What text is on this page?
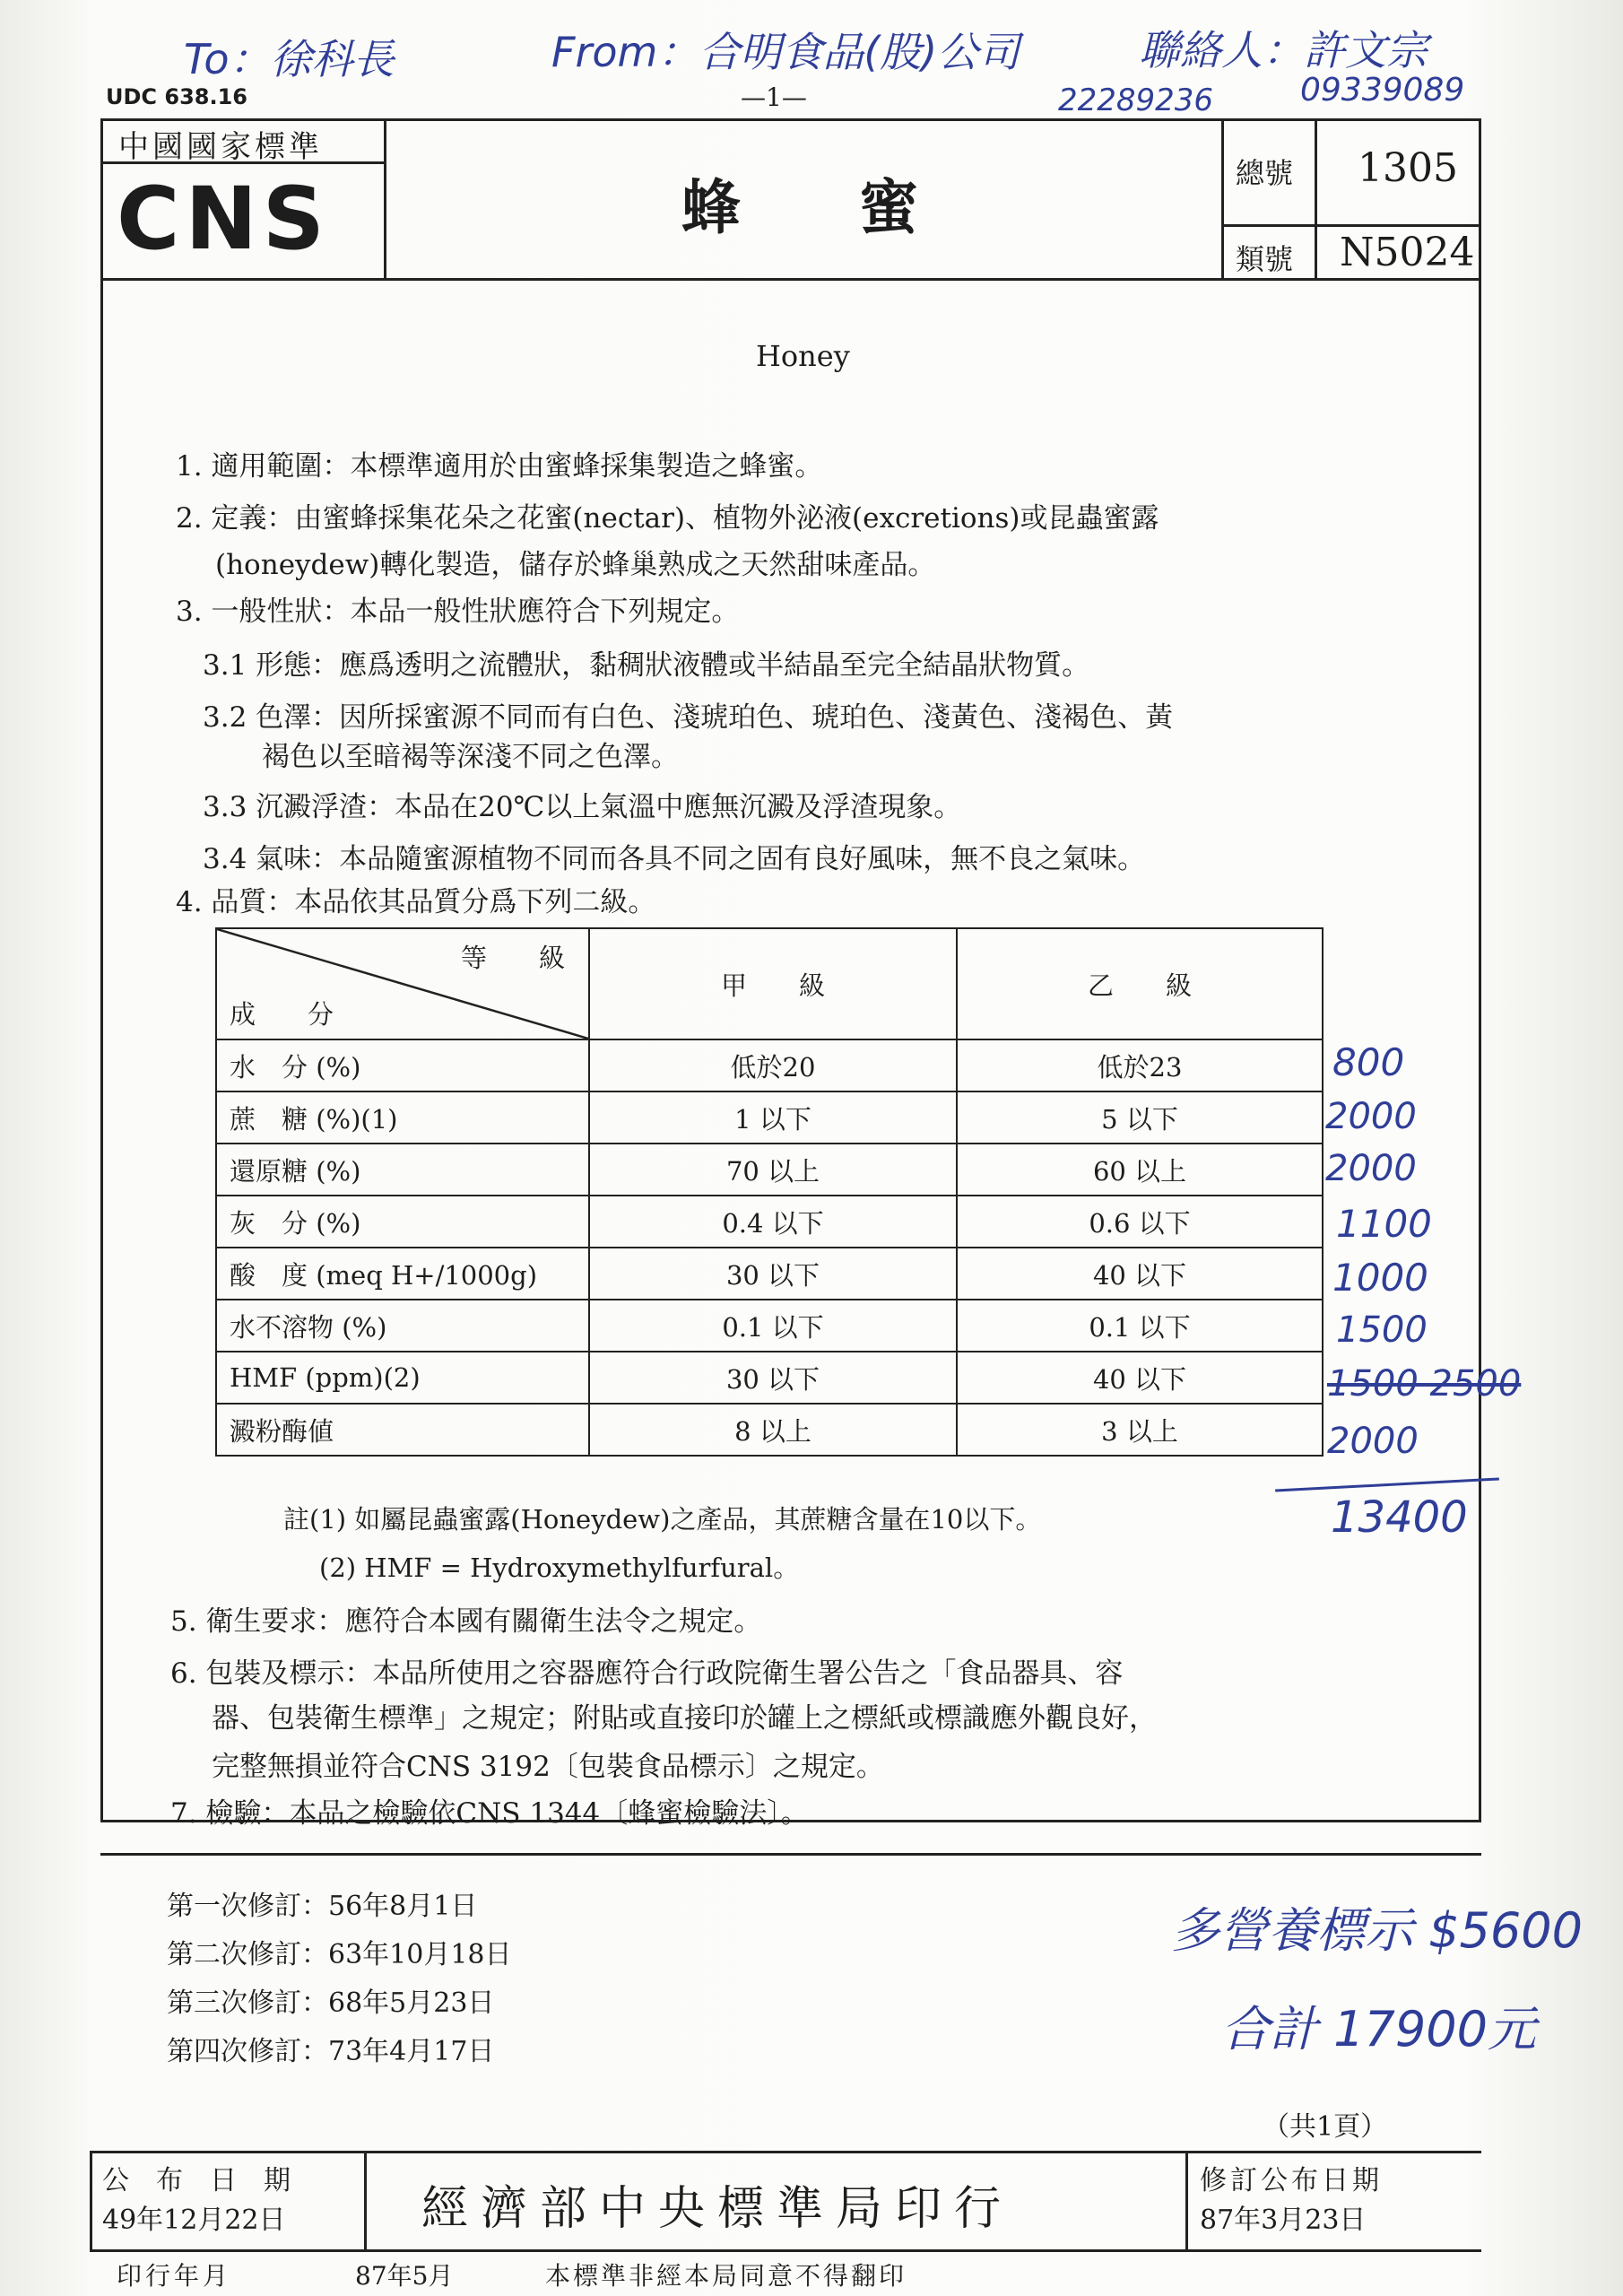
To：徐科長	From：合明食品(股)公司	聯絡人：許文宗
22289236	09339089
UDC 638.16	—1—
中國國家標準
CNS	蜂　　蜜	總號 1305
類號 N5024
Honey
1. 適用範圍：本標準適用於由蜜蜂採集製造之蜂蜜。
2. 定義：由蜜蜂採集花朵之花蜜(nectar)、植物外泌液(excretions)或昆蟲蜜露
(honeydew)轉化製造，儲存於蜂巢熟成之天然甜味產品。
3. 一般性狀：本品一般性狀應符合下列規定。
3.1 形態：應爲透明之流體狀，黏稠狀液體或半結晶至完全結晶狀物質。
3.2 色澤：因所採蜜源不同而有白色、淺琥珀色、琥珀色、淺黃色、淺褐色、黃
褐色以至暗褐等深淺不同之色澤。
3.3 沉澱浮渣：本品在20℃以上氣溫中應無沉澱及浮渣現象。
3.4 氣味：本品隨蜜源植物不同而各具不同之固有良好風味，無不良之氣味。
4. 品質：本品依其品質分爲下列二級。
等　　級
成　　分	甲　　級	乙　　級
水　分 (%)	低於20	低於23
蔗　糖 (%)(1)	1 以下	5 以下
還原糖 (%)	70 以上	60 以上
灰　分 (%)	0.4 以下	0.6 以下
酸　度 (meq H+/1000g)	30 以下	40 以下
水不溶物 (%)	0.1 以下	0.1 以下
HMF (ppm)(2)	30 以下	40 以下
澱粉酶値	8 以上	3 以上
800
2000
2000
1100
1000
1500
1500 2500
2000
13400
註(1) 如屬昆蟲蜜露(Honeydew)之產品，其蔗糖含量在10以下。
(2) HMF = Hydroxymethylfurfural。
5. 衛生要求：應符合本國有關衛生法令之規定。
6. 包裝及標示：本品所使用之容器應符合行政院衛生署公告之「食品器具、容
器、包裝衛生標準」之規定；附貼或直接印於罐上之標紙或標識應外觀良好，
完整無損並符合CNS 3192〔包裝食品標示〕之規定。
7. 檢驗：本品之檢驗依CNS 1344〔蜂蜜檢驗法〕。
第一次修訂：56年8月1日
第二次修訂：63年10月18日
第三次修訂：68年5月23日
第四次修訂：73年4月17日
多營養標示 $5600
合計 17900元
（共1頁）
公　布　日　期
49年12月22日	經濟部中央標準局印行
修訂公布日期
87年3月23日
印行年月	87年5月	本標準非經本局同意不得翻印
